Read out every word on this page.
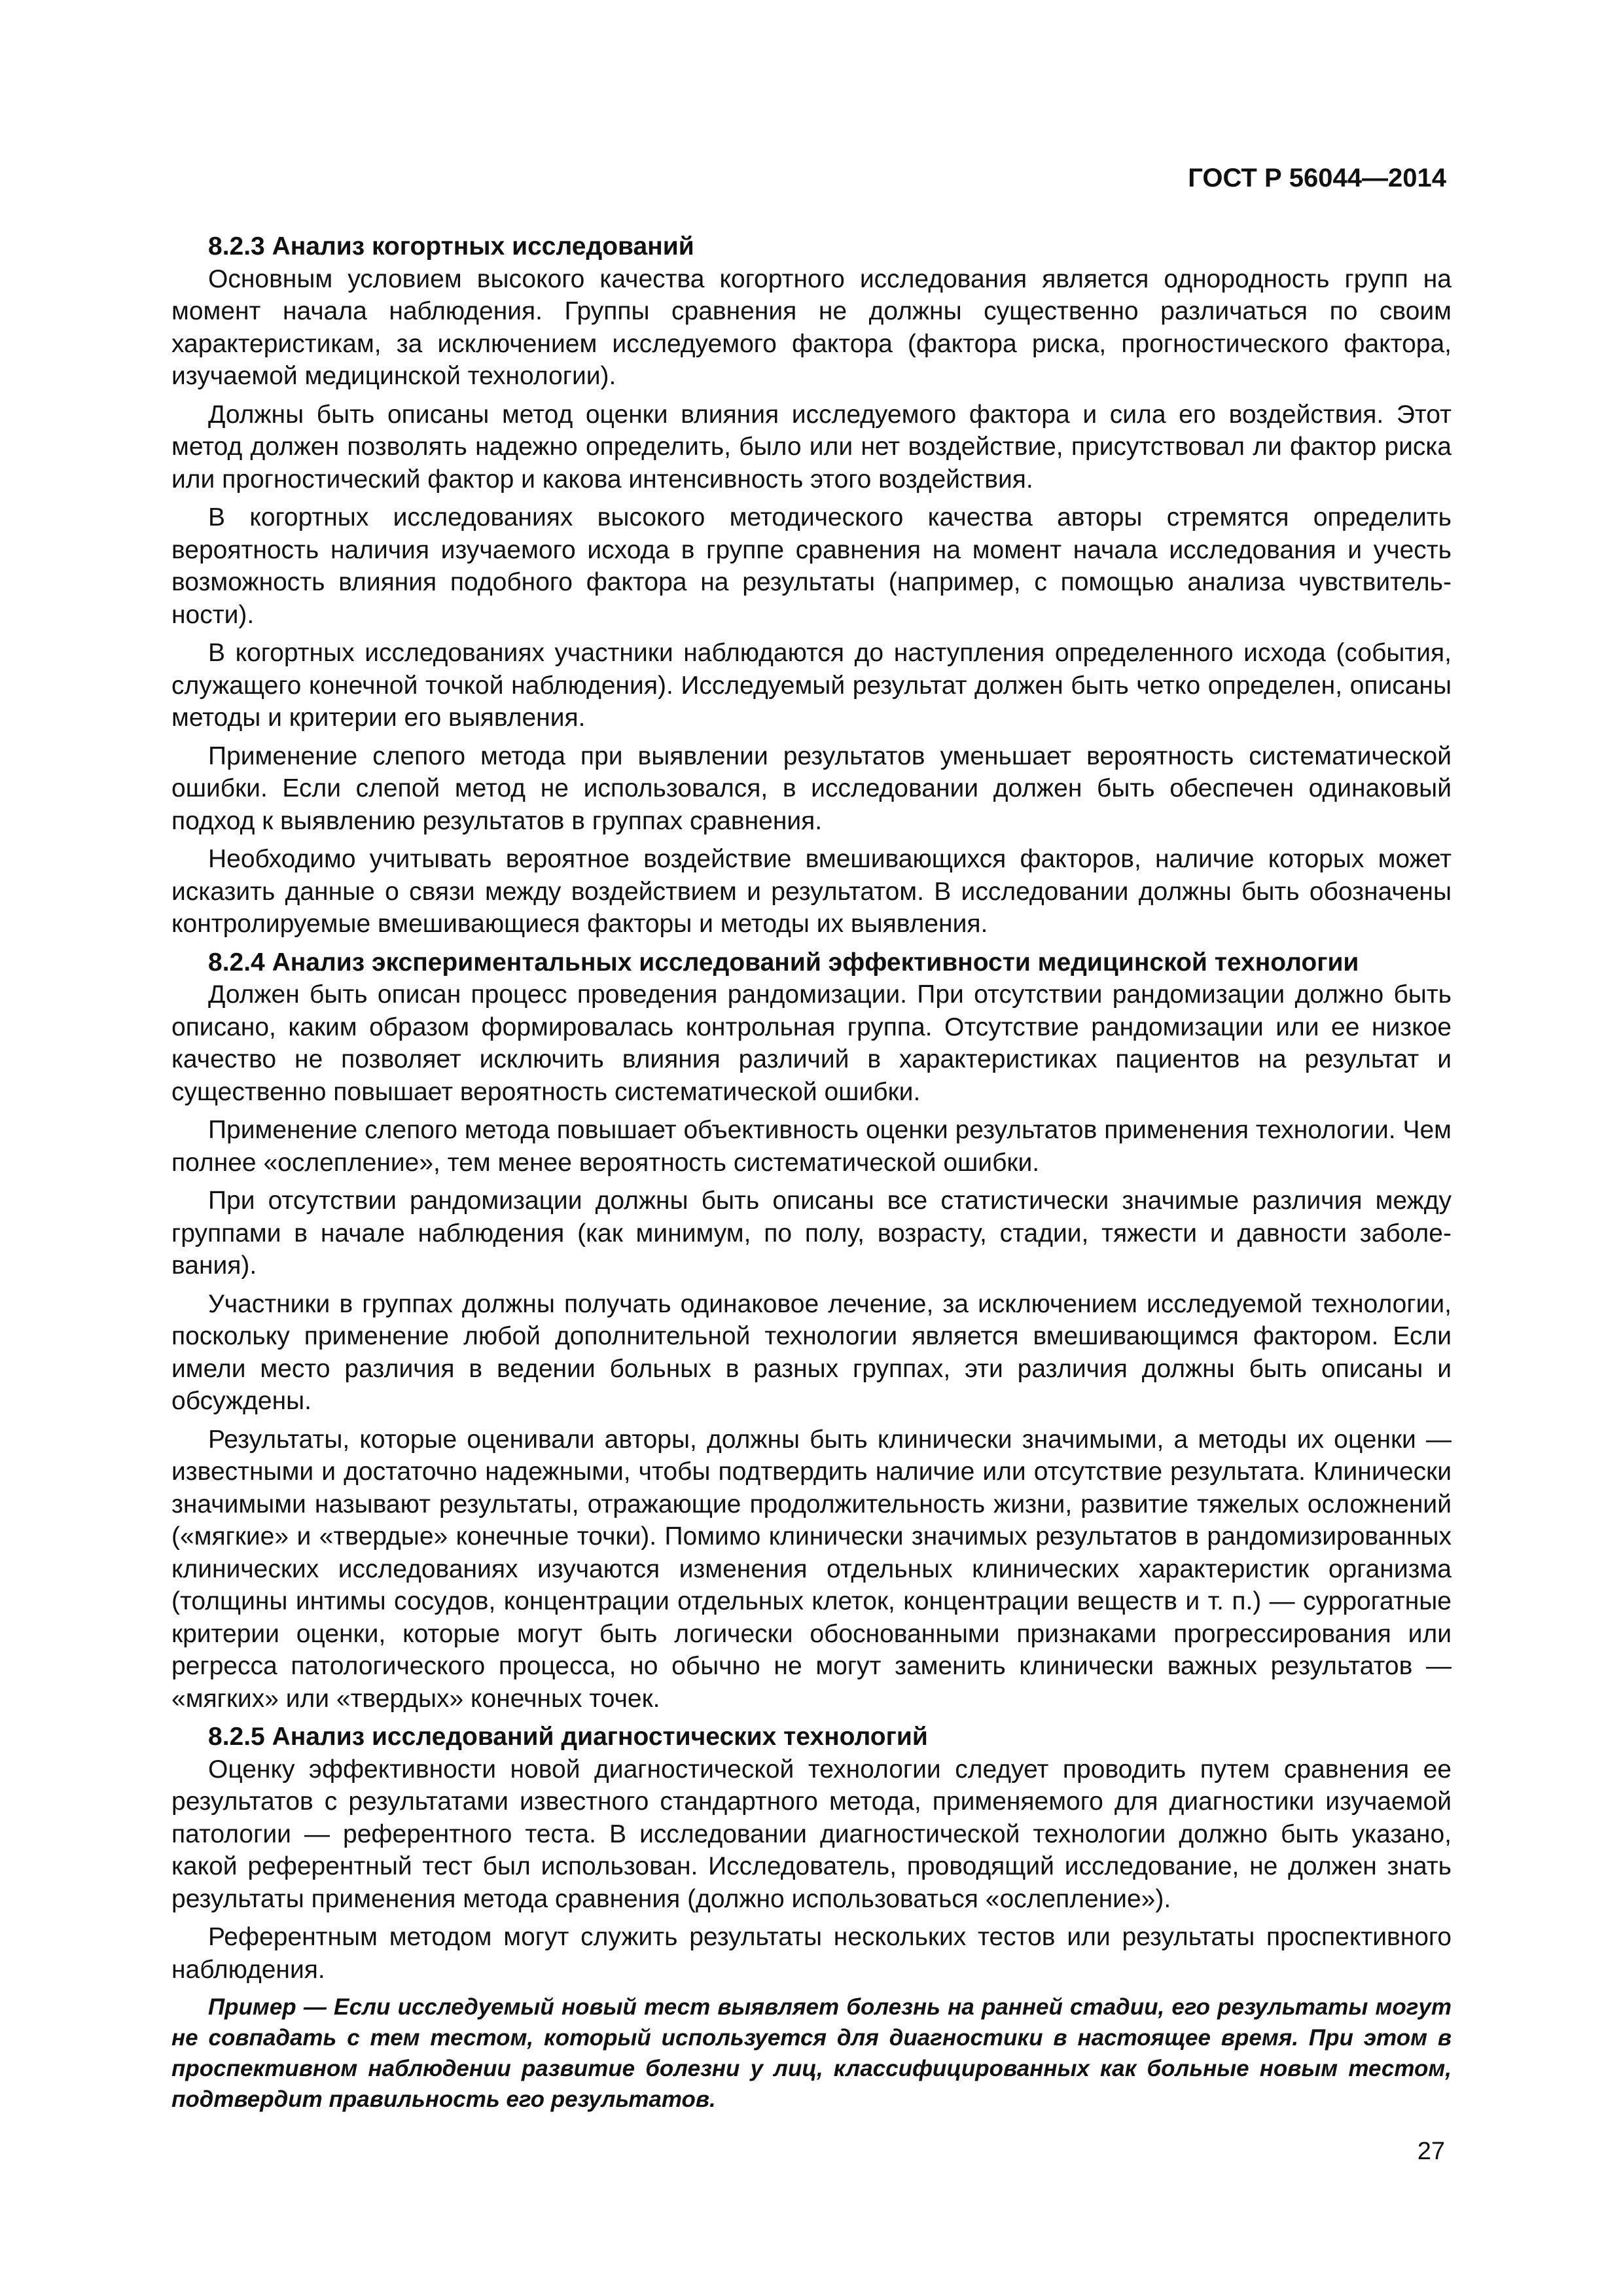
ГОСТ Р 56044—2014
8.2.3 Анализ когортных исследований

Основным условием высокого качества когортного исследования является однородность групп на момент начала наблюдения. Группы сравнения не должны существенно различаться по своим характеристикам, за исключением исследуемого фактора (фактора риска, прогностического фактора, изучаемой медицинской технологии).

Должны быть описаны метод оценки влияния исследуемого фактора и сила его воздействия. Этот метод должен позволять надежно определить, было или нет воздействие, присутствовал ли фактор риска или прогностический фактор и какова интенсивность этого воздействия.

В когортных исследованиях высокого методического качества авторы стремятся определить вероятность наличия изучаемого исхода в группе сравнения на момент начала исследования и учесть возможность влияния подобного фактора на результаты (например, с помощью анализа чувствительности).

В когортных исследованиях участники наблюдаются до наступления определенного исхода (события, служащего конечной точкой наблюдения). Исследуемый результат должен быть четко определен, описаны методы и критерии его выявления.

Применение слепого метода при выявлении результатов уменьшает вероятность систематической ошибки. Если слепой метод не использовался, в исследовании должен быть обеспечен одинаковый подход к выявлению результатов в группах сравнения.

Необходимо учитывать вероятное воздействие вмешивающихся факторов, наличие которых может исказить данные о связи между воздействием и результатом. В исследовании должны быть обозначены контролируемые вмешивающиеся факторы и методы их выявления.

8.2.4 Анализ экспериментальных исследований эффективности медицинской технологии

Должен быть описан процесс проведения рандомизации. При отсутствии рандомизации должно быть описано, каким образом формировалась контрольная группа. Отсутствие рандомизации или ее низкое качество не позволяет исключить влияния различий в характеристиках пациентов на результат и существенно повышает вероятность систематической ошибки.

Применение слепого метода повышает объективность оценки результатов применения технологии. Чем полнее «ослепление», тем менее вероятность систематической ошибки.

При отсутствии рандомизации должны быть описаны все статистически значимые различия между группами в начале наблюдения (как минимум, по полу, возрасту, стадии, тяжести и давности заболевания).

Участники в группах должны получать одинаковое лечение, за исключением исследуемой технологии, поскольку применение любой дополнительной технологии является вмешивающимся фактором. Если имели место различия в ведении больных в разных группах, эти различия должны быть описаны и обсуждены.

Результаты, которые оценивали авторы, должны быть клинически значимыми, а методы их оценки — известными и достаточно надежными, чтобы подтвердить наличие или отсутствие результата. Клинически значимыми называют результаты, отражающие продолжительность жизни, развитие тяжелых осложнений («мягкие» и «твердые» конечные точки). Помимо клинически значимых результатов в рандомизированных клинических исследованиях изучаются изменения отдельных клинических характеристик организма (толщины интимы сосудов, концентрации отдельных клеток, концентрации веществ и т. п.) — суррогатные критерии оценки, которые могут быть логически обоснованными признаками прогрессирования или регресса патологического процесса, но обычно не могут заменить клинически важных результатов — «мягких» или «твердых» конечных точек.

8.2.5 Анализ исследований диагностических технологий

Оценку эффективности новой диагностической технологии следует проводить путем сравнения ее результатов с результатами известного стандартного метода, применяемого для диагностики изучаемой патологии — референтного теста. В исследовании диагностической технологии должно быть указано, какой референтный тест был использован. Исследователь, проводящий исследование, не должен знать результаты применения метода сравнения (должно использоваться «ослепление»).

Референтным методом могут служить результаты нескольких тестов или результаты проспективного наблюдения.

Пример — Если исследуемый новый тест выявляет болезнь на ранней стадии, его результаты могут не совпадать с тем тестом, который используется для диагностики в настоящее время. При этом в проспективном наблюдении развитие болезни у лиц, классифицированных как больные новым тестом, подтвердит правильность его результатов.

27
